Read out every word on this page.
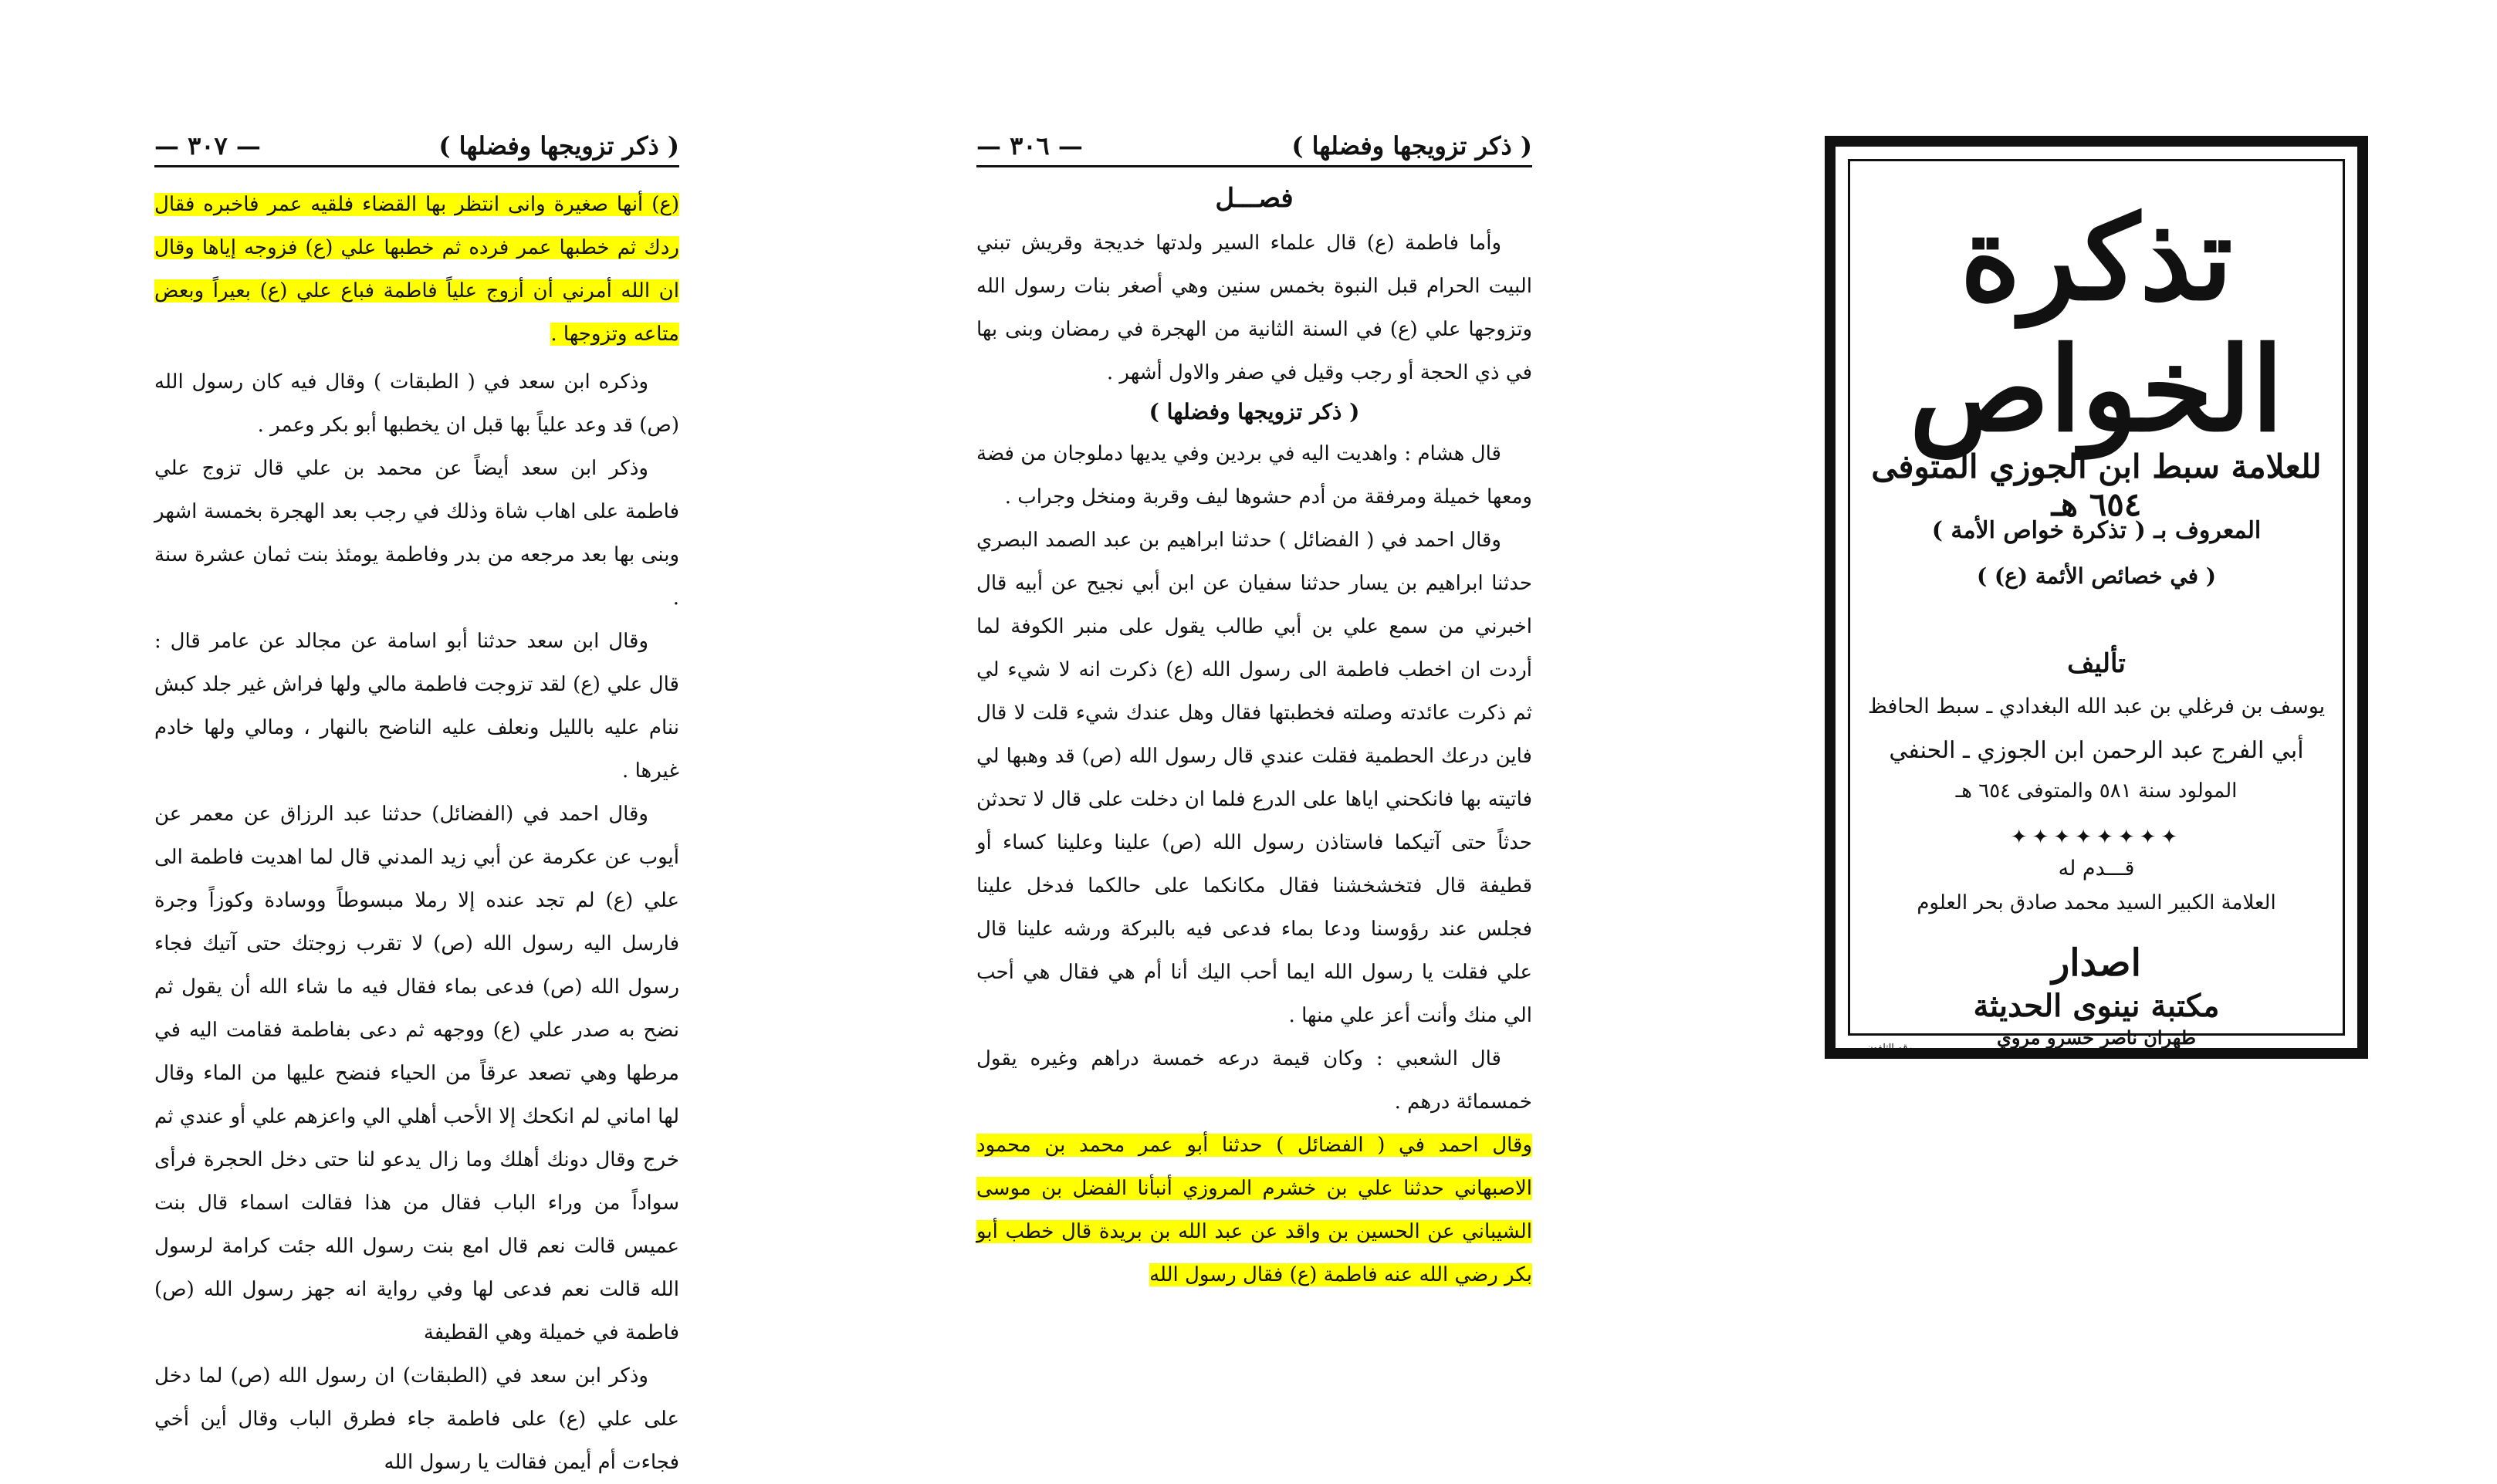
( ذكر تزويجها وفضلها )
— ٣٠٧ —

(ع) أنها صغيرة وانى انتظر بها القضاء فلقيه عمر فاخبره فقال ردك ثم خطبها عمر فرده ثم خطبها علي (ع) فزوجه إياها وقال ان الله أمرني أن أزوج علياً فاطمة فباع علي (ع) بعيراً وبعض متاعه وتزوجها .

وذكره ابن سعد في ( الطبقات ) وقال فيه كان رسول الله (ص) قد وعد علياً بها قبل ان يخطبها أبو بكر وعمر .

وذكر ابن سعد أيضاً عن محمد بن علي قال تزوج علي فاطمة على اهاب شاة وذلك في رجب بعد الهجرة بخمسة اشهر وبنى بها بعد مرجعه من بدر وفاطمة يومئذ بنت ثمان عشرة سنة .

وقال ابن سعد حدثنا أبو اسامة عن مجالد عن عامر قال : قال علي (ع) لقد تزوجت فاطمة مالي ولها فراش غير جلد كبش ننام عليه بالليل ونعلف عليه الناضح بالنهار ، ومالي ولها خادم غيرها .

وقال احمد في (الفضائل) حدثنا عبد الرزاق عن معمر عن أيوب عن عكرمة عن أبي زيد المدني قال لما اهديت فاطمة الى علي (ع) لم تجد عنده إلا رملا مبسوطاً ووسادة وكوزاً وجرة فارسل اليه رسول الله (ص) لا تقرب زوجتك حتى آتيك فجاء رسول الله (ص) فدعى بماء فقال فيه ما شاء الله أن يقول ثم نضح به صدر علي (ع) ووجهه ثم دعى بفاطمة فقامت اليه في مرطها وهي تصعد عرقاً من الحياء فنضح عليها من الماء وقال لها اماني لم انكحك إلا الأحب أهلي الي واعزهم علي أو عندي ثم خرج وقال دونك أهلك وما زال يدعو لنا حتى دخل الحجرة فرأى سواداً من وراء الباب فقال من هذا فقالت اسماء قال بنت عميس قالت نعم قال امع بنت رسول الله جئت كرامة لرسول الله قالت نعم فدعى لها وفي رواية انه جهز رسول الله (ص) فاطمة في خميلة وهي القطيفة

وذكر ابن سعد في (الطبقات) ان رسول الله (ص) لما دخل على علي (ع) على فاطمة جاء فطرق الباب وقال أين أخي فجاءت أم أيمن فقالت يا رسول الله

( ذكر تزويجها وفضلها )
— ٣٠٦ —
فصـــل

وأما فاطمة (ع) قال علماء السير ولدتها خديجة وقريش تبني البيت الحرام قبل النبوة بخمس سنين وهي أصغر بنات رسول الله وتزوجها علي (ع) في السنة الثانية من الهجرة في رمضان وبنى بها في ذي الحجة أو رجب وقيل في صفر والاول أشهر .

( ذكر تزويجها وفضلها )

قال هشام : واهديت اليه في بردين وفي يديها دملوجان من فضة ومعها خميلة ومرفقة من أدم حشوها ليف وقربة ومنخل وجراب .

وقال احمد في ( الفضائل ) حدثنا ابراهيم بن عبد الصمد البصري حدثنا ابراهيم بن يسار حدثنا سفيان عن ابن أبي نجيح عن أبيه قال اخبرني من سمع علي بن أبي طالب يقول على منبر الكوفة لما أردت ان اخطب فاطمة الى رسول الله (ع) ذكرت انه لا شيء لي ثم ذكرت عائدته وصلته فخطبتها فقال وهل عندك شيء قلت لا قال فاين درعك الحطمية فقلت عندي قال رسول الله (ص) قد وهبها لي فاتيته بها فانكحني اياها على الدرع فلما ان دخلت على قال لا تحدثن حدثاً حتى آتيكما فاستاذن رسول الله (ص) علينا وعلينا كساء أو قطيفة قال فتخشخشنا فقال مكانكما على حالكما فدخل علينا فجلس عند رؤوسنا ودعا بماء فدعى فيه بالبركة ورشه علينا قال علي فقلت يا رسول الله ايما أحب اليك أنا أم هي فقال هي أحب الي منك وأنت أعز علي منها .

قال الشعبي : وكان قيمة درعه خمسة دراهم وغيره يقول خمسمائة درهم .

وقال احمد في ( الفضائل ) حدثنا أبو عمر محمد بن محمود الاصبهاني حدثنا علي بن خشرم المروزي أنبأنا الفضل بن موسى الشيباني عن الحسين بن واقد عن عبد الله بن بريدة قال خطب أبو بكر رضي الله عنه فاطمة (ع) فقال رسول الله

تذكرة الخواص
للعلامة سبط ابن الجوزي المتوفى ٦٥٤ هـ
المعروف بـ ( تذكرة خواص الأمة )
( في خصائص الأئمة (ع) )
تأليف
يوسف بن فرغلي بن عبد الله البغدادي ـ سبط الحافظ
أبي الفرج عبد الرحمن ابن الجوزي ـ الحنفي
المولود سنة ٥٨١ والمتوفى ٦٥٤ هـ
✦✦✦✦✦✦✦✦
قـــدم له
العلامة الكبير السيد محمد صادق بحر العلوم
اصدار
مكتبة نينوى الحديثة
طهران ناصر خسرو مروي
رقم التلفون
